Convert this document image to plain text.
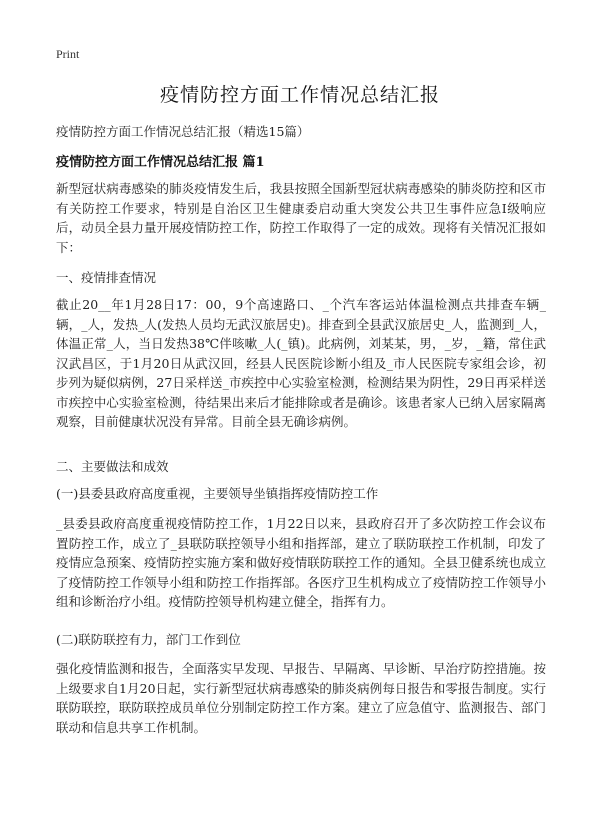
Print
疫情防控方面工作情况总结汇报
疫情防控方面工作情况总结汇报（精选15篇）
疫情防控方面工作情况总结汇报 篇1

新型冠状病毒感染的肺炎疫情发生后，我县按照全国新型冠状病毒感染的肺炎防控和区市有关防控工作要求，特别是自治区卫生健康委启动重大突发公共卫生事件应急Ⅰ级响应后，动员全县力量开展疫情防控工作，防控工作取得了一定的成效。现将有关情况汇报如下：

一、疫情排查情况

截止20__年1月28日17：00，9个高速路口、_个汽车客运站体温检测点共排查车辆_辆，_人，发热_人(发热人员均无武汉旅居史)。排查到全县武汉旅居史_人，监测到_人，体温正常_人，当日发热38℃伴咳嗽_人(_镇)。此病例，刘某某，男，_岁，_籍，常住武汉武昌区，于1月20日从武汉回，经县人民医院诊断小组及_市人民医院专家组会诊，初步列为疑似病例，27日采样送_市疾控中心实验室检测，检测结果为阴性，29日再采样送市疾控中心实验室检测，待结果出来后才能排除或者是确诊。该患者家人已纳入居家隔离观察，目前健康状况没有异常。目前全县无确诊病例。

二、主要做法和成效

(一)县委县政府高度重视，主要领导坐镇指挥疫情防控工作

_县委县政府高度重视疫情防控工作，1月22日以来，县政府召开了多次防控工作会议布置防控工作，成立了_县联防联控领导小组和指挥部，建立了联防联控工作机制，印发了疫情应急预案、疫情防控实施方案和做好疫情联防联控工作的通知。全县卫健系统也成立了疫情防控工作领导小组和防控工作指挥部。各医疗卫生机构成立了疫情防控工作领导小组和诊断治疗小组。疫情防控领导机构建立健全，指挥有力。

(二)联防联控有力，部门工作到位

强化疫情监测和报告，全面落实早发现、早报告、早隔离、早诊断、早治疗防控措施。按上级要求自1月20日起，实行新型冠状病毒感染的肺炎病例每日报告和零报告制度。实行联防联控，联防联控成员单位分别制定防控工作方案。建立了应急值守、监测报告、部门联动和信息共享工作机制。
